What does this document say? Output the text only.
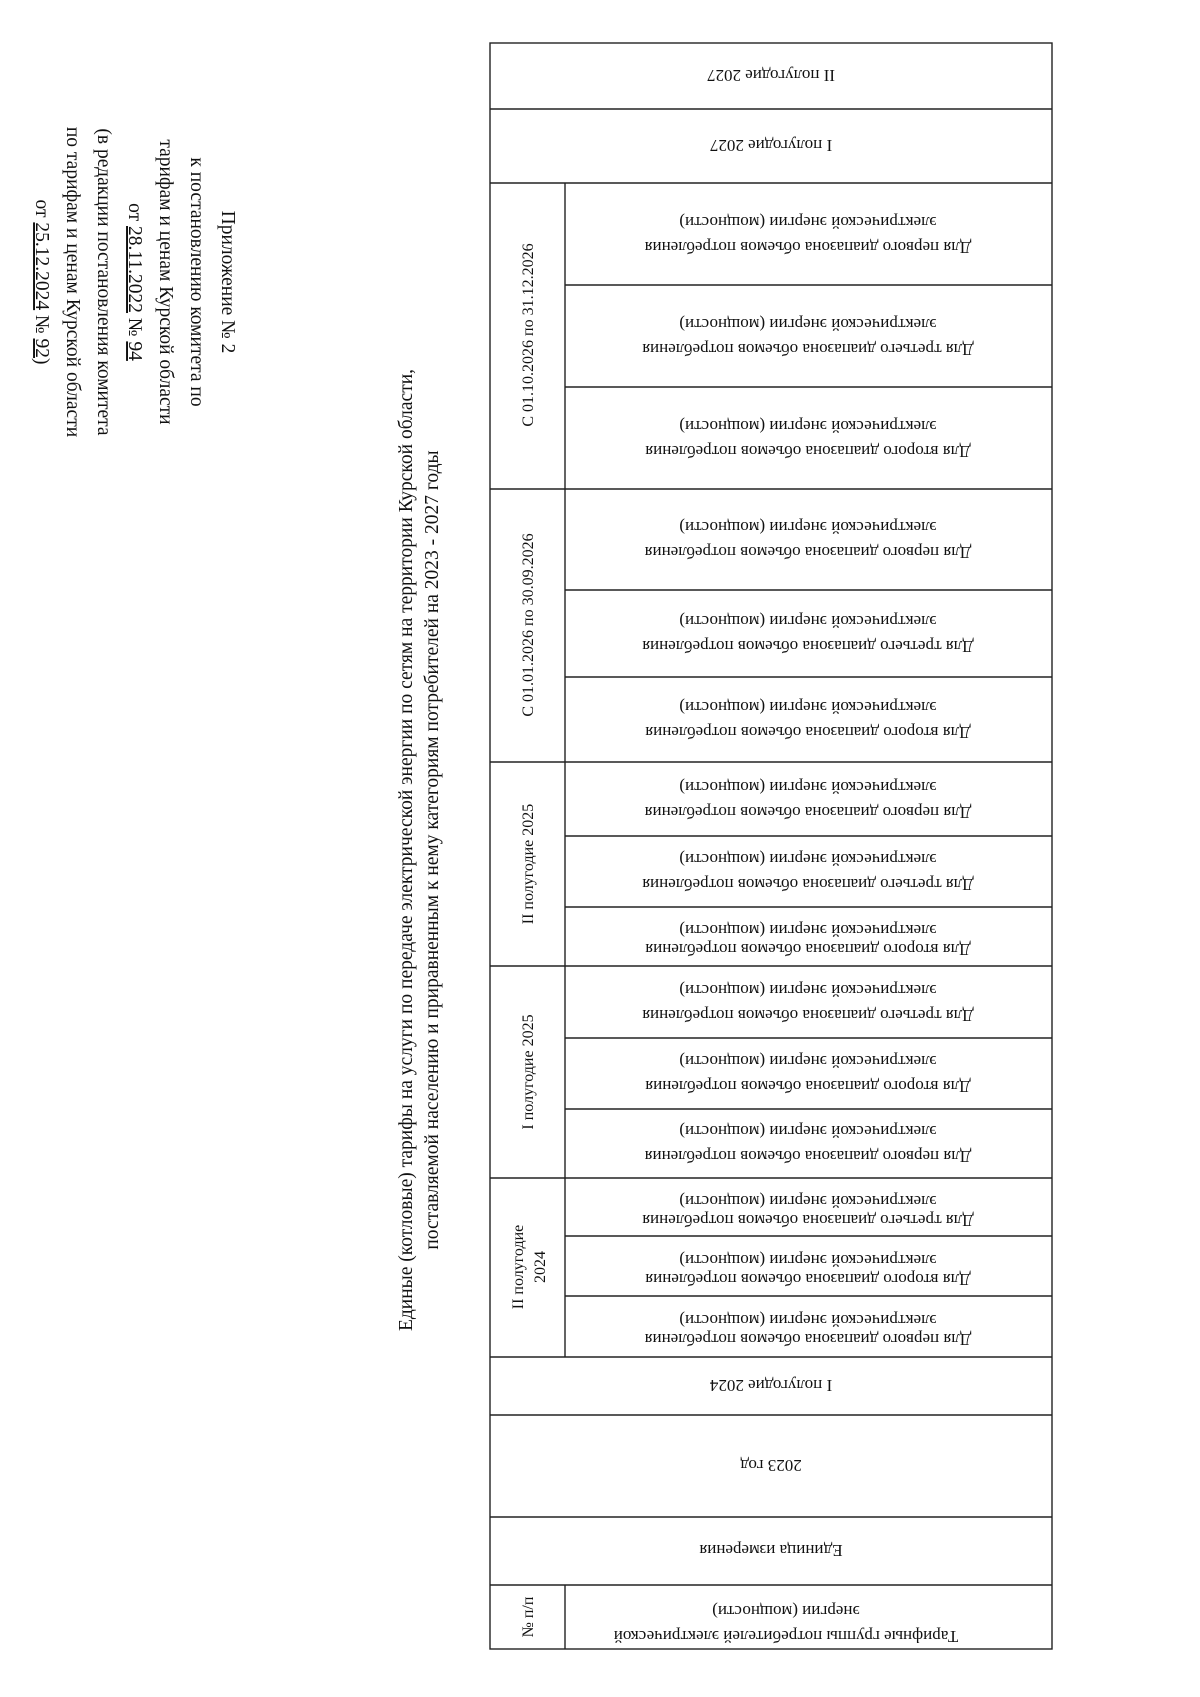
Приложение № 2
к постановлению комитета по
тарифам и ценам Курской области
от 28.11.2022 № 94
(в редакции постановления комитета
по тарифам и ценам Курской области
от 25.12.2024 № 92)
Единые (котловые) тарифы на услуги по передаче электрической энергии по сетям на территории Курской области, поставляемой населению и приравненным к нему категориям потребителей на 2023 - 2027 годы
II полугодие 2027
I полугодие 2027
Для первого диапазона объемов потребления
электрической энергии (мощности)
Для третьего диапазона объемов потребления
электрической энергии (мощности)
Для второго диапазона объемов потребления
электрической энергии (мощности)
Для первого диапазона объемов потребления
электрической энергии (мощности)
Для третьего диапазона объемов потребления
электрической энергии (мощности)
Для второго диапазона объемов потребления
электрической энергии (мощности)
Для первого диапазона объемов потребления
электрической энергии (мощности)
Для третьего диапазона объемов потребления
электрической энергии (мощности)
Для второго диапазона объемов потребления
электрической энергии (мощности)
Для третьего диапазона объемов потребления
электрической энергии (мощности)
Для второго диапазона объемов потребления
электрической энергии (мощности)
Для первого диапазона объемов потребления
электрической энергии (мощности)
Для третьего диапазона объемов потребления
электрической энергии (мощности)
Для второго диапазона объемов потребления
электрической энергии (мощности)
Для первого диапазона объемов потребления
электрической энергии (мощности)
I полугодие 2024
2023 год
Единица измерения
Тарифные группы потребителей электрической
энергии (мощности)
С 01.10.2026 по 31.12.2026
С 01.01.2026 по 30.09.2026
II полугодие 2025
I полугодие 2025
II полугодие 2024
№ п/п
